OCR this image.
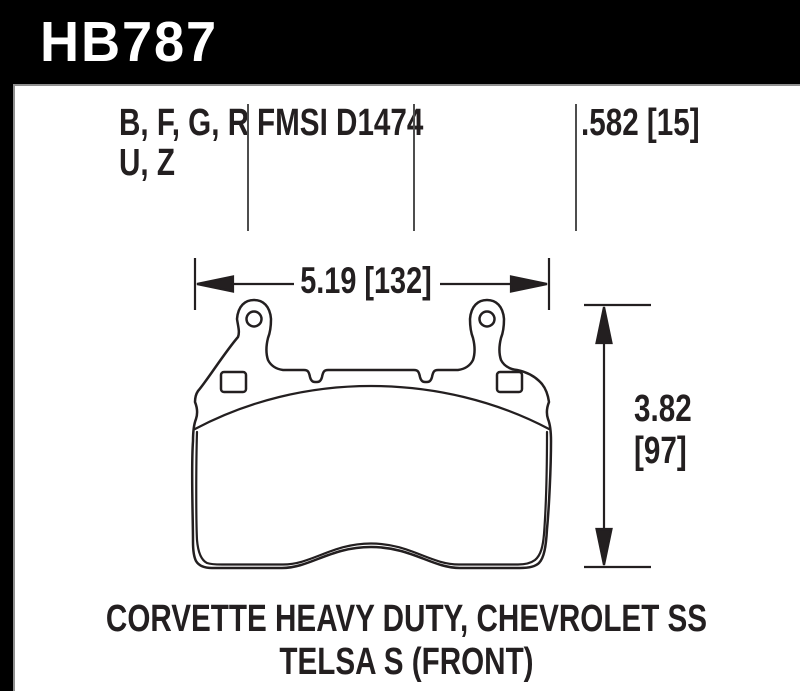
HB787
B, F, G, R
U, Z
FMSI D1474	.582 [15]
5.19 [132]
3.82
[97]
CORVETTE HEAVY DUTY, CHEVROLET SS
TELSA S (FRONT)
